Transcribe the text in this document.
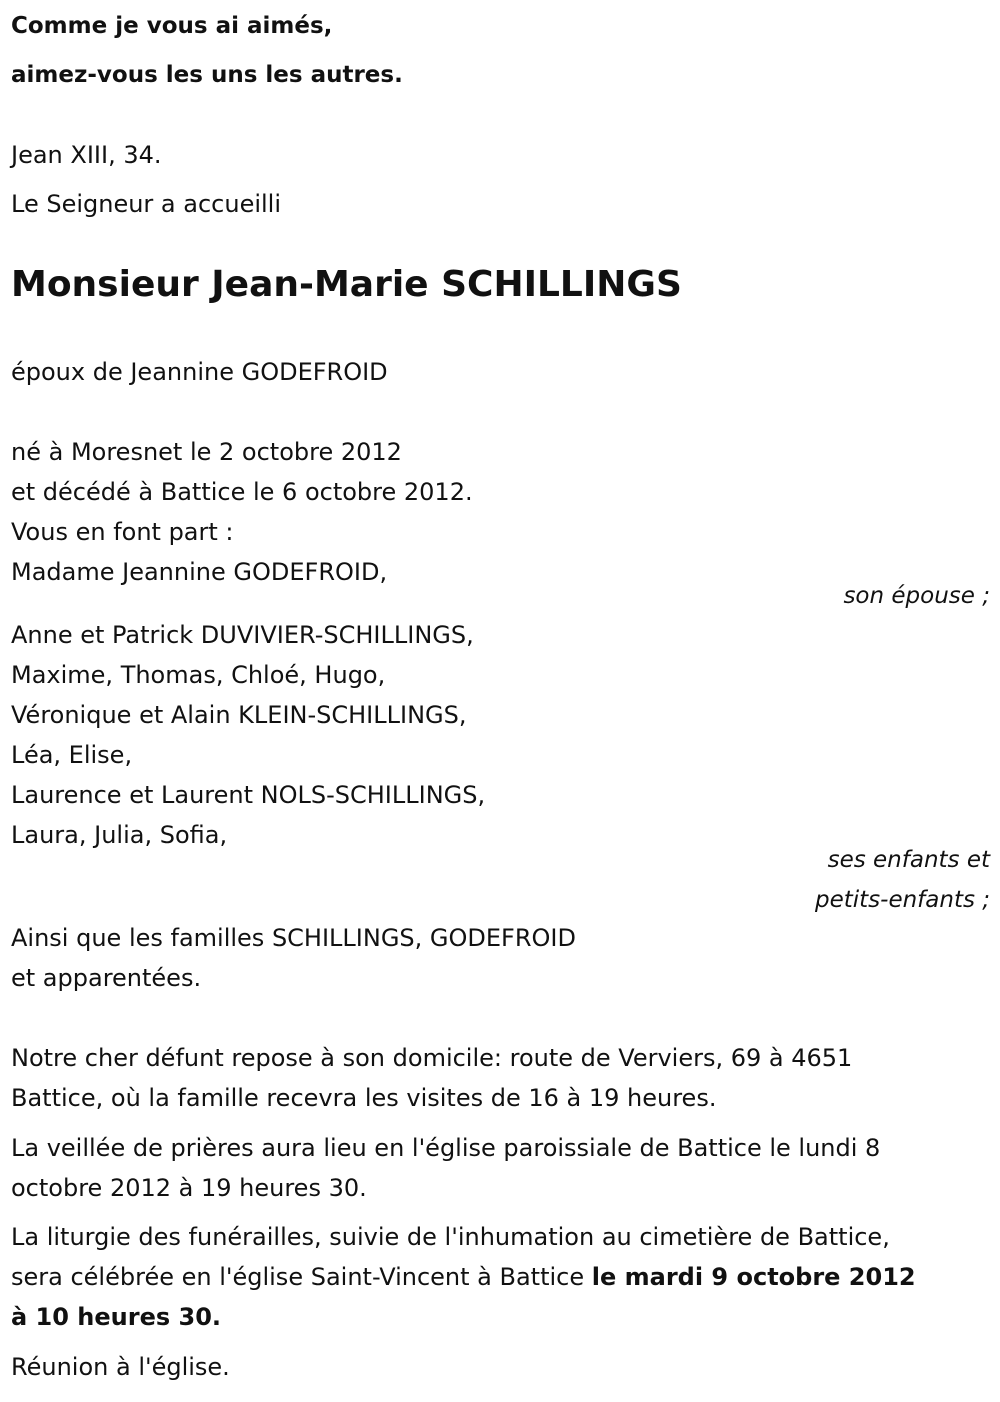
Comme je vous ai aimés,

aimez-vous les uns les autres.

Jean XIII, 34.

Le Seigneur a accueilli

Monsieur Jean-Marie SCHILLINGS

époux de Jeannine GODEFROID

né à Moresnet le 2 octobre 2012

et décédé à Battice le 6 octobre 2012.

Vous en font part :

Madame Jeannine GODEFROID,

son épouse ;

Anne et Patrick DUVIVIER-SCHILLINGS,

Maxime, Thomas, Chloé, Hugo,

Véronique et Alain KLEIN-SCHILLINGS,

Léa, Elise,

Laurence et Laurent NOLS-SCHILLINGS,

Laura, Julia, Sofia,

ses enfants et
petits-enfants ;

Ainsi que les familles SCHILLINGS, GODEFROID

et apparentées.

Notre cher défunt repose à son domicile: route de Verviers, 69 à 4651

Battice, où la famille recevra les visites de 16 à 19 heures.

La veillée de prières aura lieu en l'église paroissiale de Battice le lundi 8

octobre 2012 à 19 heures 30.

La liturgie des funérailles, suivie de l'inhumation au cimetière de Battice,

sera célébrée en l'église Saint-Vincent à Battice le mardi 9 octobre 2012

à 10 heures 30.

Réunion à l'église.
